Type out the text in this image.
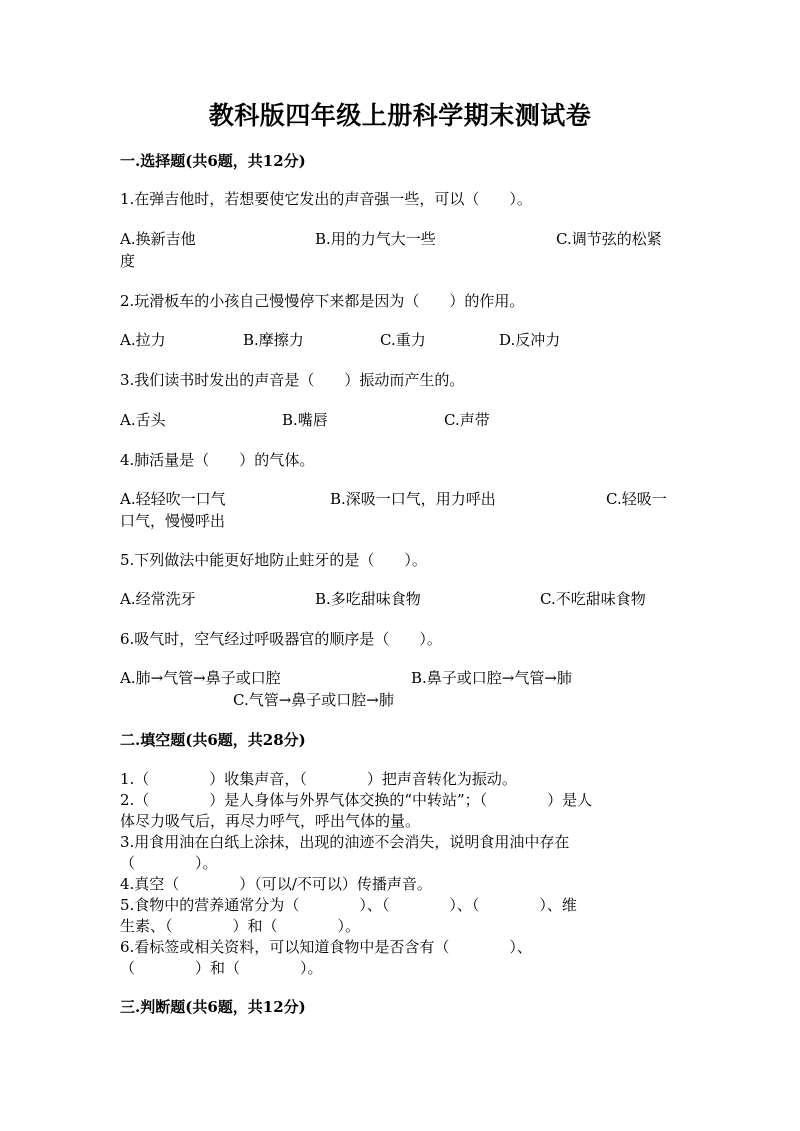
教科版四年级上册科学期末测试卷
一.选择题(共6题，共12分)
1.在弹吉他时，若想要使它发出的声音强一些，可以（　　）。
A.换新吉他	B.用的力气大一些	C.调节弦的松紧
度
2.玩滑板车的小孩自己慢慢停下来都是因为（　　）的作用。
A.拉力	B.摩擦力	C.重力	D.反冲力
3.我们读书时发出的声音是（　　）振动而产生的。
A.舌头	B.嘴唇	C.声带
4.肺活量是（　　）的气体。
A.轻轻吹一口气	B.深吸一口气，用力呼出	C.轻吸一
口气，慢慢呼出
5.下列做法中能更好地防止蛀牙的是（　　）。
A.经常洗牙	B.多吃甜味食物	C.不吃甜味食物
6.吸气时，空气经过呼吸器官的顺序是（　　）。
A.肺→气管→鼻子或口腔	B.鼻子或口腔→气管→肺
C.气管→鼻子或口腔→肺
二.填空题(共6题，共28分)
1.（　　　　）收集声音，（　　　　）把声音转化为振动。
2.（　　　　）是人身体与外界气体交换的“中转站”；（　　　　）是人
体尽力吸气后，再尽力呼气，呼出气体的量。
3.用食用油在白纸上涂抹，出现的油迹不会消失，说明食用油中存在
（　　　　）。
4.真空（　　　　）（可以/不可以）传播声音。
5.食物中的营养通常分为（　　　　）、（　　　　）、（　　　　）、维
生素、（　　　　）和（　　　　）。
6.看标签或相关资料，可以知道食物中是否含有（　　　　）、
（　　　　）和（　　　　）。
三.判断题(共6题，共12分)
